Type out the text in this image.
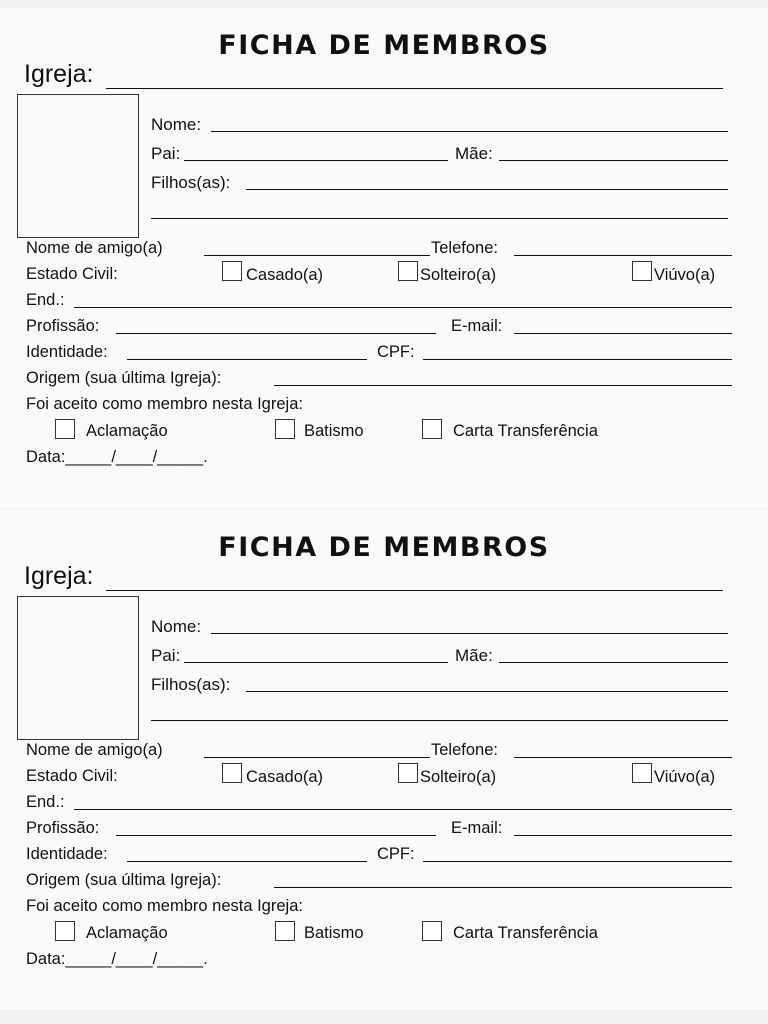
FICHA DE MEMBROS
Igreja:
Nome:
Pai:	Mãe:
Filhos(as):
Nome de amigo(a)	Telefone:
Estado Civil:	Casado(a)	Solteiro(a)	Viúvo(a)
End.:
Profissão:	E-mail:
Identidade:	CPF:
Origem (sua última Igreja):
Foi aceito como membro nesta Igreja:
Aclamação	Batismo	Carta Transferência
Data:_____/____/_____.
FICHA DE MEMBROS
Igreja:
Nome:
Pai:	Mãe:
Filhos(as):
Nome de amigo(a)	Telefone:
Estado Civil:	Casado(a)	Solteiro(a)	Viúvo(a)
End.:
Profissão:	E-mail:
Identidade:	CPF:
Origem (sua última Igreja):
Foi aceito como membro nesta Igreja:
Aclamação	Batismo	Carta Transferência
Data:_____/____/_____.
